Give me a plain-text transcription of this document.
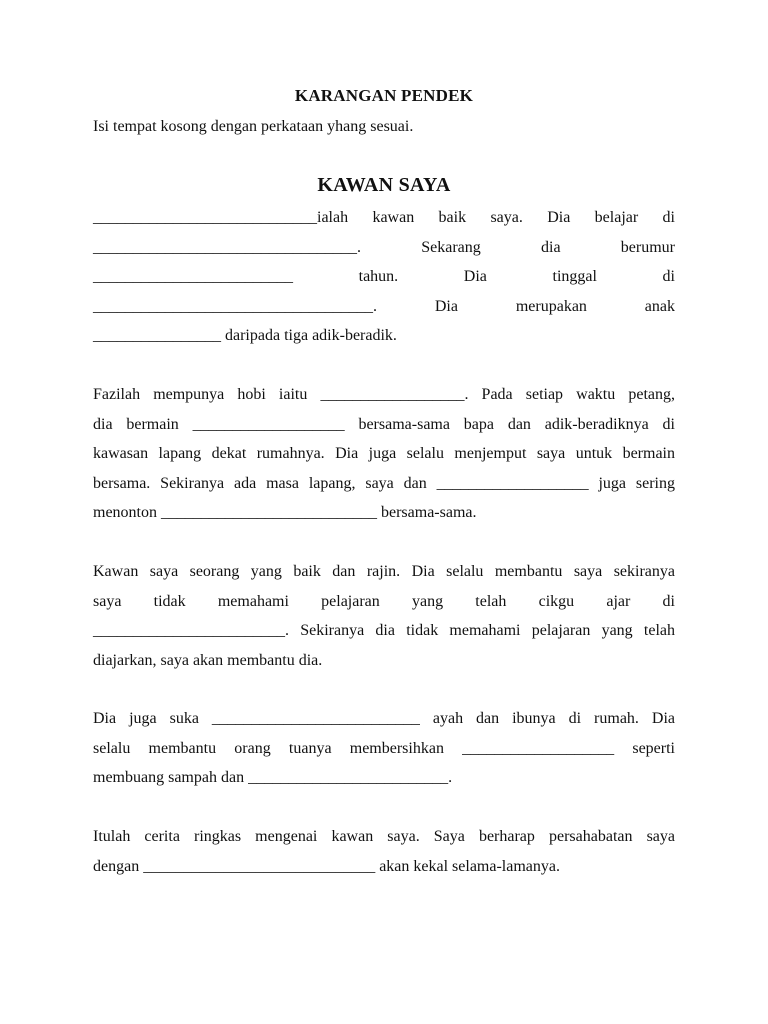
KARANGAN PENDEK
Isi tempat kosong dengan perkataan yhang sesuai.
KAWAN SAYA
____________________________ialah kawan baik saya. Dia belajar di
_________________________________. Sekarang dia berumur
_________________________ tahun. Dia tinggal di
___________________________________. Dia merupakan anak
________________ daripada tiga adik-beradik.
Fazilah mempunya hobi iaitu __________________. Pada setiap waktu petang,
dia bermain ___________________ bersama-sama bapa dan adik-beradiknya di
kawasan lapang dekat rumahnya. Dia juga selalu menjemput saya untuk bermain
bersama. Sekiranya ada masa lapang, saya dan ___________________ juga sering
menonton ___________________________ bersama-sama.
Kawan saya seorang yang baik dan rajin. Dia selalu membantu saya sekiranya
saya tidak memahami pelajaran yang telah cikgu ajar di
________________________. Sekiranya dia tidak memahami pelajaran yang telah
diajarkan, saya akan membantu dia.
Dia juga suka __________________________ ayah dan ibunya di rumah. Dia
selalu membantu orang tuanya membersihkan ___________________ seperti
membuang sampah dan _________________________.
Itulah cerita ringkas mengenai kawan saya. Saya berharap persahabatan saya
dengan _____________________________ akan kekal selama-lamanya.
